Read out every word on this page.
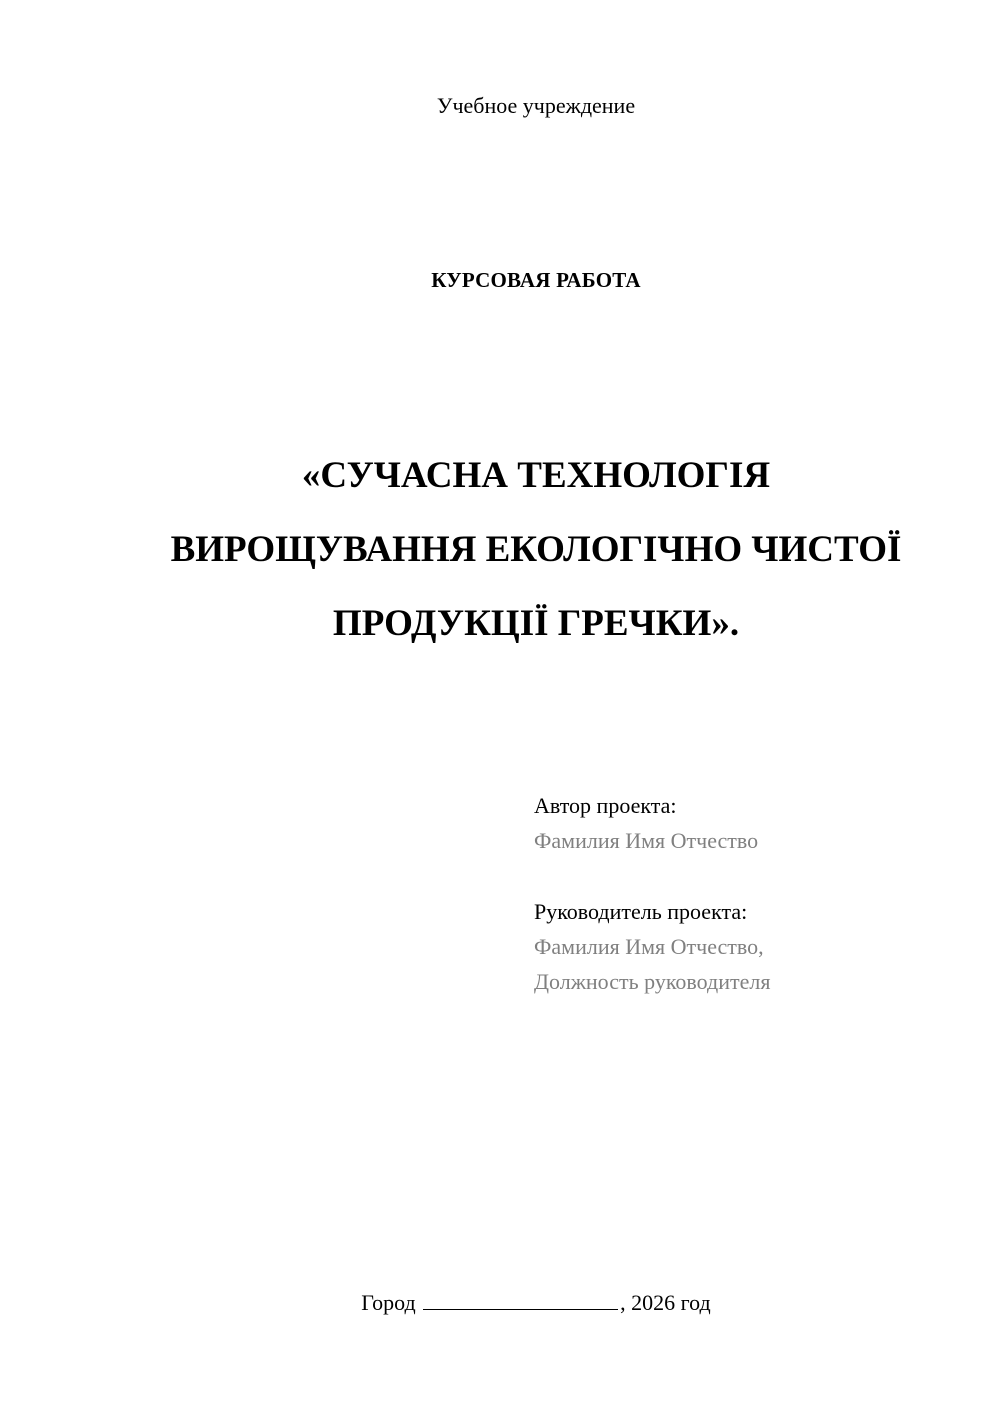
Учебное учреждение
КУРСОВАЯ РАБОТА

«СУЧАСНА ТЕХНОЛОГІЯ

ВИРОЩУВАННЯ ЕКОЛОГІЧНО ЧИСТОЇ

ПРОДУКЦІЇ ГРЕЧКИ».

Автор проекта:
Фамилия Имя Отчество
Руководитель проекта:
Фамилия Имя Отчество,
Должность руководителя
Город	, 2026 год
